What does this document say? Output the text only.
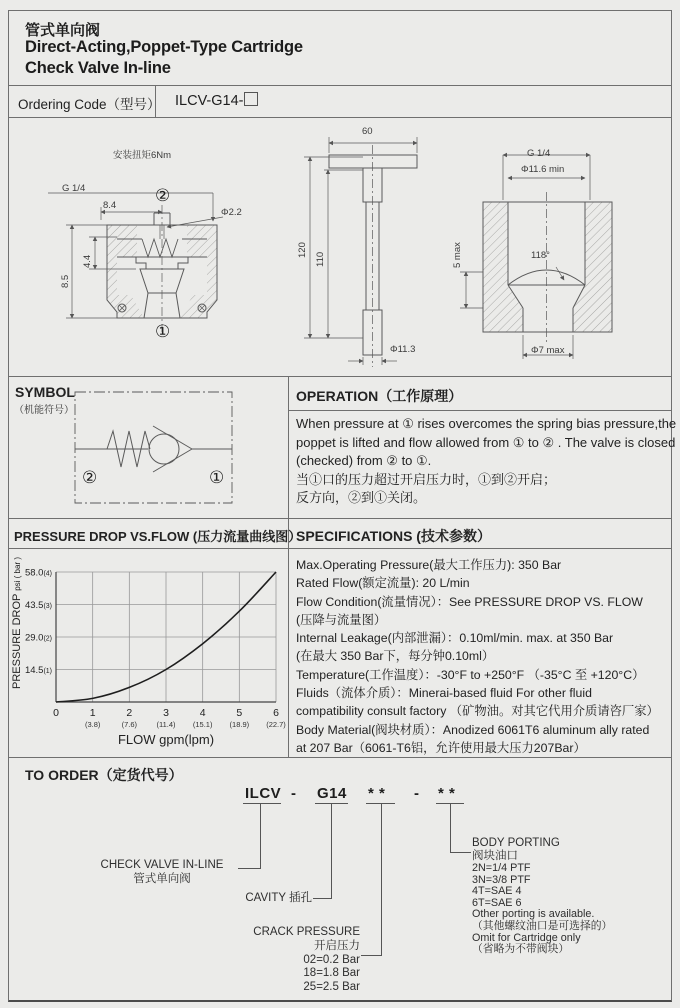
管式单向阀
Direct-Acting,Poppet-Type Cartridge
Check Valve In-line
Ordering Code（型号） ILCV-G14-
安装扭矩6Nm
G 1/4
8.4
Φ2.2
4.4
8.5
②
①
60
120
110
Φ11.3
G 1/4
Φ11.6 min
118°
5 max
Φ7 max
SYMBOL
（机能符号）
②	①
OPERATION（工作原理）
When pressure at ① rises overcomes the spring bias pressure,the
poppet is lifted and flow allowed from ① to ② . The valve is closed
(checked) from ② to ①.
当①口的压力超过开启压力时，①到②开启；
反方向，②到①关闭。
PRESSURE DROP VS.FLOW (压力流量曲线图）
14.5(1)
29.0(2)
43.5(3)
58.0(4)
0	1
(3.8)
2
(7.6)
3
(11.4)
4
(15.1)
5
(18.9)
6
(22.7)
PRESSURE DROP psi ( bar )
FLOW gpm(lpm)
SPECIFICATIONS (技术参数）
Max.Operating Pressure(最大工作压力): 350 Bar
Rated Flow(额定流量): 20 L/min
Flow Condition(流量情况）：See PRESSURE DROP VS. FLOW
(压降与流量图）
Internal Leakage(内部泄漏）：0.10ml/min. max. at 350 Bar
(在最大 350 Bar下，每分钟0.10ml）
Temperature(工作温度）：-30°F to +250°F （-35°C 至 +120°C）
Fluids（流体介质）：Minerai-based fluid For other fluid
compatibility consult factory （矿物油。对其它代用介质请咨厂家）
Body Material(阀块材质）：Anodized 6061T6 aluminum ally rated
at 207 Bar（6061-T6铝，允许使用最大压力207Bar）
TO ORDER（定货代号）
ILCV - G14 * * - * *
CHECK VALVE IN-LINE
管式单向阀
CAVITY 插孔
CRACK PRESSURE
开启压力
02=0.2 Bar
18=1.8 Bar
25=2.5 Bar
BODY PORTING
阀块油口
2N=1/4 PTF
3N=3/8 PTF
4T=SAE 4
6T=SAE 6
Other porting is available.
（其他螺纹油口是可选择的）
Omit for Cartridge only
（省略为不带阀块）
